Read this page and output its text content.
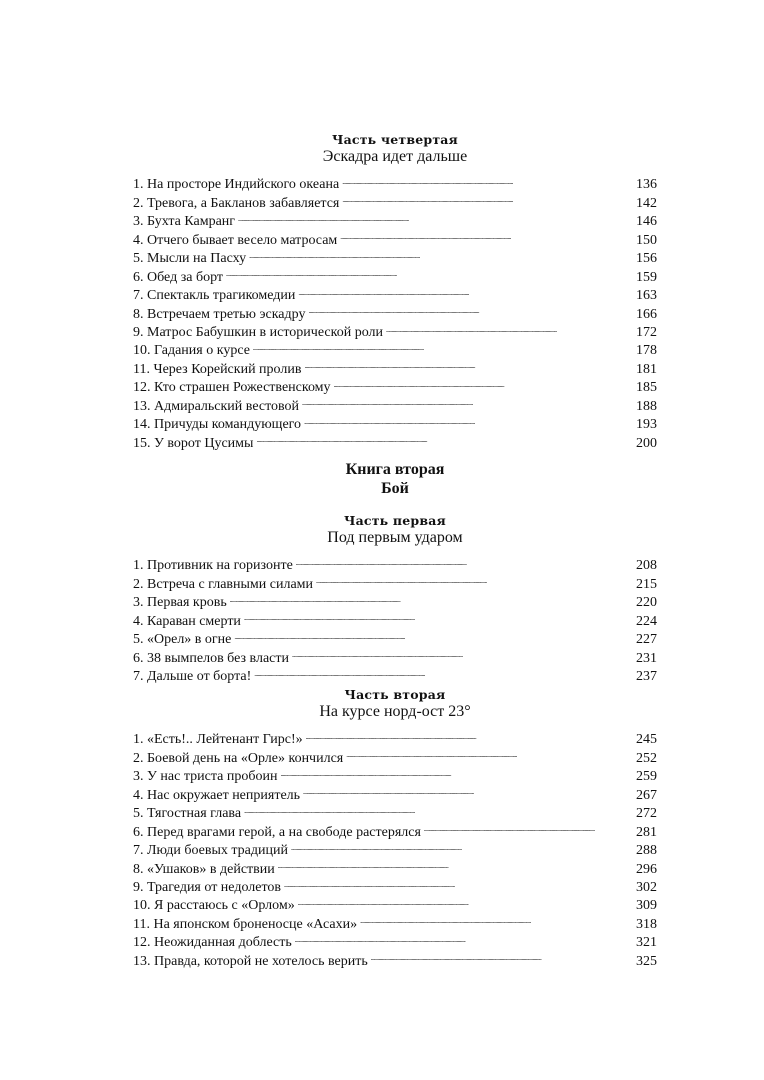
Часть четвертая
Эскадра идет дальше
1. На просторе Индийского океана . . .	136
2. Тревога, а Бакланов забавляется . . .	142
3. Бухта Камранг . . .	146
4. Отчего бывает весело матросам . . .	150
5. Мысли на Пасху . . .	156
6. Обед за борт . . .	159
7. Спектакль трагикомедии . . .	163
8. Встречаем третью эскадру . . .	166
9. Матрос Бабушкин в исторической роли . . .	172
10. Гадания о курсе . . .	178
11. Через Корейский пролив . . .	181
12. Кто страшен Рожественскому . . .	185
13. Адмиральский вестовой . . .	188
14. Причуды командующего . . .	193
15. У ворот Цусимы . . .	200
Книга вторая
Бой
Часть первая
Под первым ударом
1. Противник на горизонте . . .	208
2. Встреча с главными силами . . .	215
3. Первая кровь . . .	220
4. Караван смерти . . .	224
5. «Орел» в огне . . .	227
6. 38 вымпелов без власти . . .	231
7. Дальше от борта! . . .	237
Часть вторая
На курсе норд-ост 23°
1. «Есть!.. Лейтенант Гирс!» . . .	245
2. Боевой день на «Орле» кончился . . .	252
3. У нас триста пробоин . . .	259
4. Нас окружает неприятель . . .	267
5. Тягостная глава . . .	272
6. Перед врагами герой, а на свободе растерялся . . .	281
7. Люди боевых традиций . . .	288
8. «Ушаков» в действии . . .	296
9. Трагедия от недолетов . . .	302
10. Я расстаюсь с «Орлом» . . .	309
11. На японском броненосце «Асахи» . . .	318
12. Неожиданная доблесть . . .	321
13. Правда, которой не хотелось верить . . .	325
